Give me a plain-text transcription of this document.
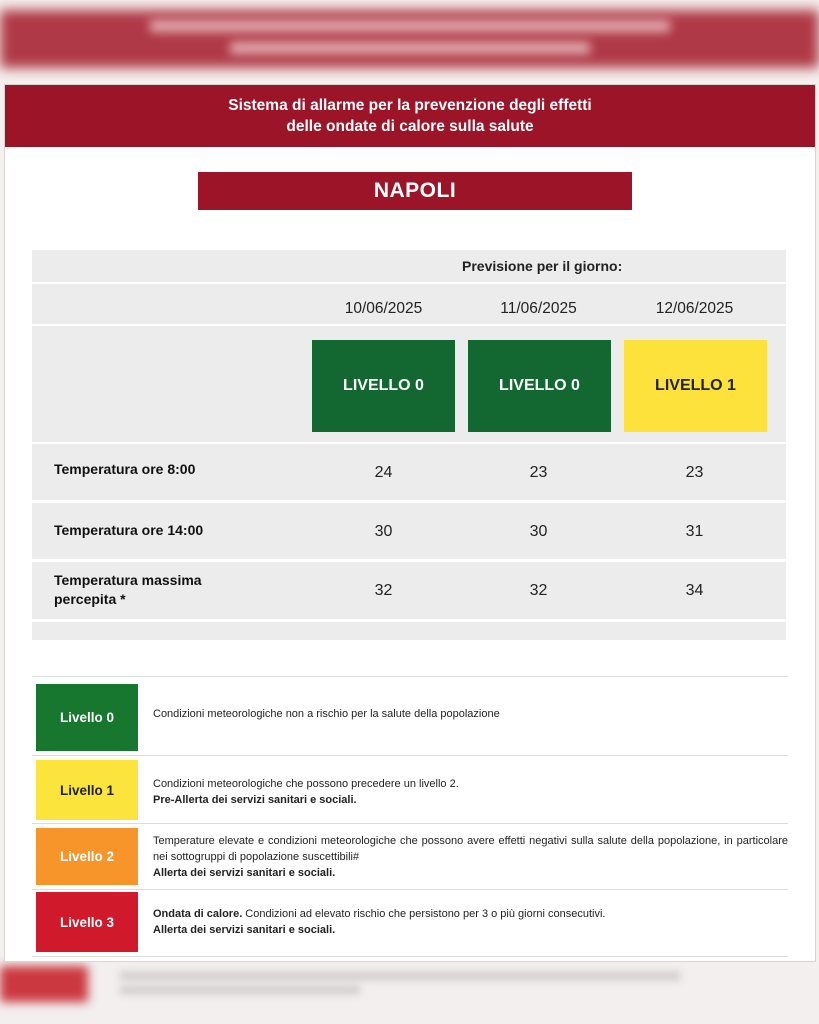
Sistema di allarme per la prevenzione degli effetti
delle ondate di calore sulla salute
NAPOLI
Previsione per il giorno:
10/06/2025	11/06/2025	12/06/2025
LIVELLO 0	LIVELLO 0	LIVELLO 1
Temperatura ore 8:00	24	23	23
Temperatura ore 14:00	30	30	31
Temperatura massima
percepita *	32	32	34
Livello 0	Condizioni meteorologiche non a rischio per la salute della popolazione
Livello 1	Condizioni meteorologiche che possono precedere un livello 2.
Pre-Allerta dei servizi sanitari e sociali.
Livello 2
Temperature elevate e condizioni meteorologiche che possono avere effetti negativi sulla salute della popolazione, in particolare nei sottogruppi di popolazione suscettibili#
Allerta dei servizi sanitari e sociali.
Livello 3
Ondata di calore. Condizioni ad elevato rischio che persistono per 3 o più giorni consecutivi.
Allerta dei servizi sanitari e sociali.
